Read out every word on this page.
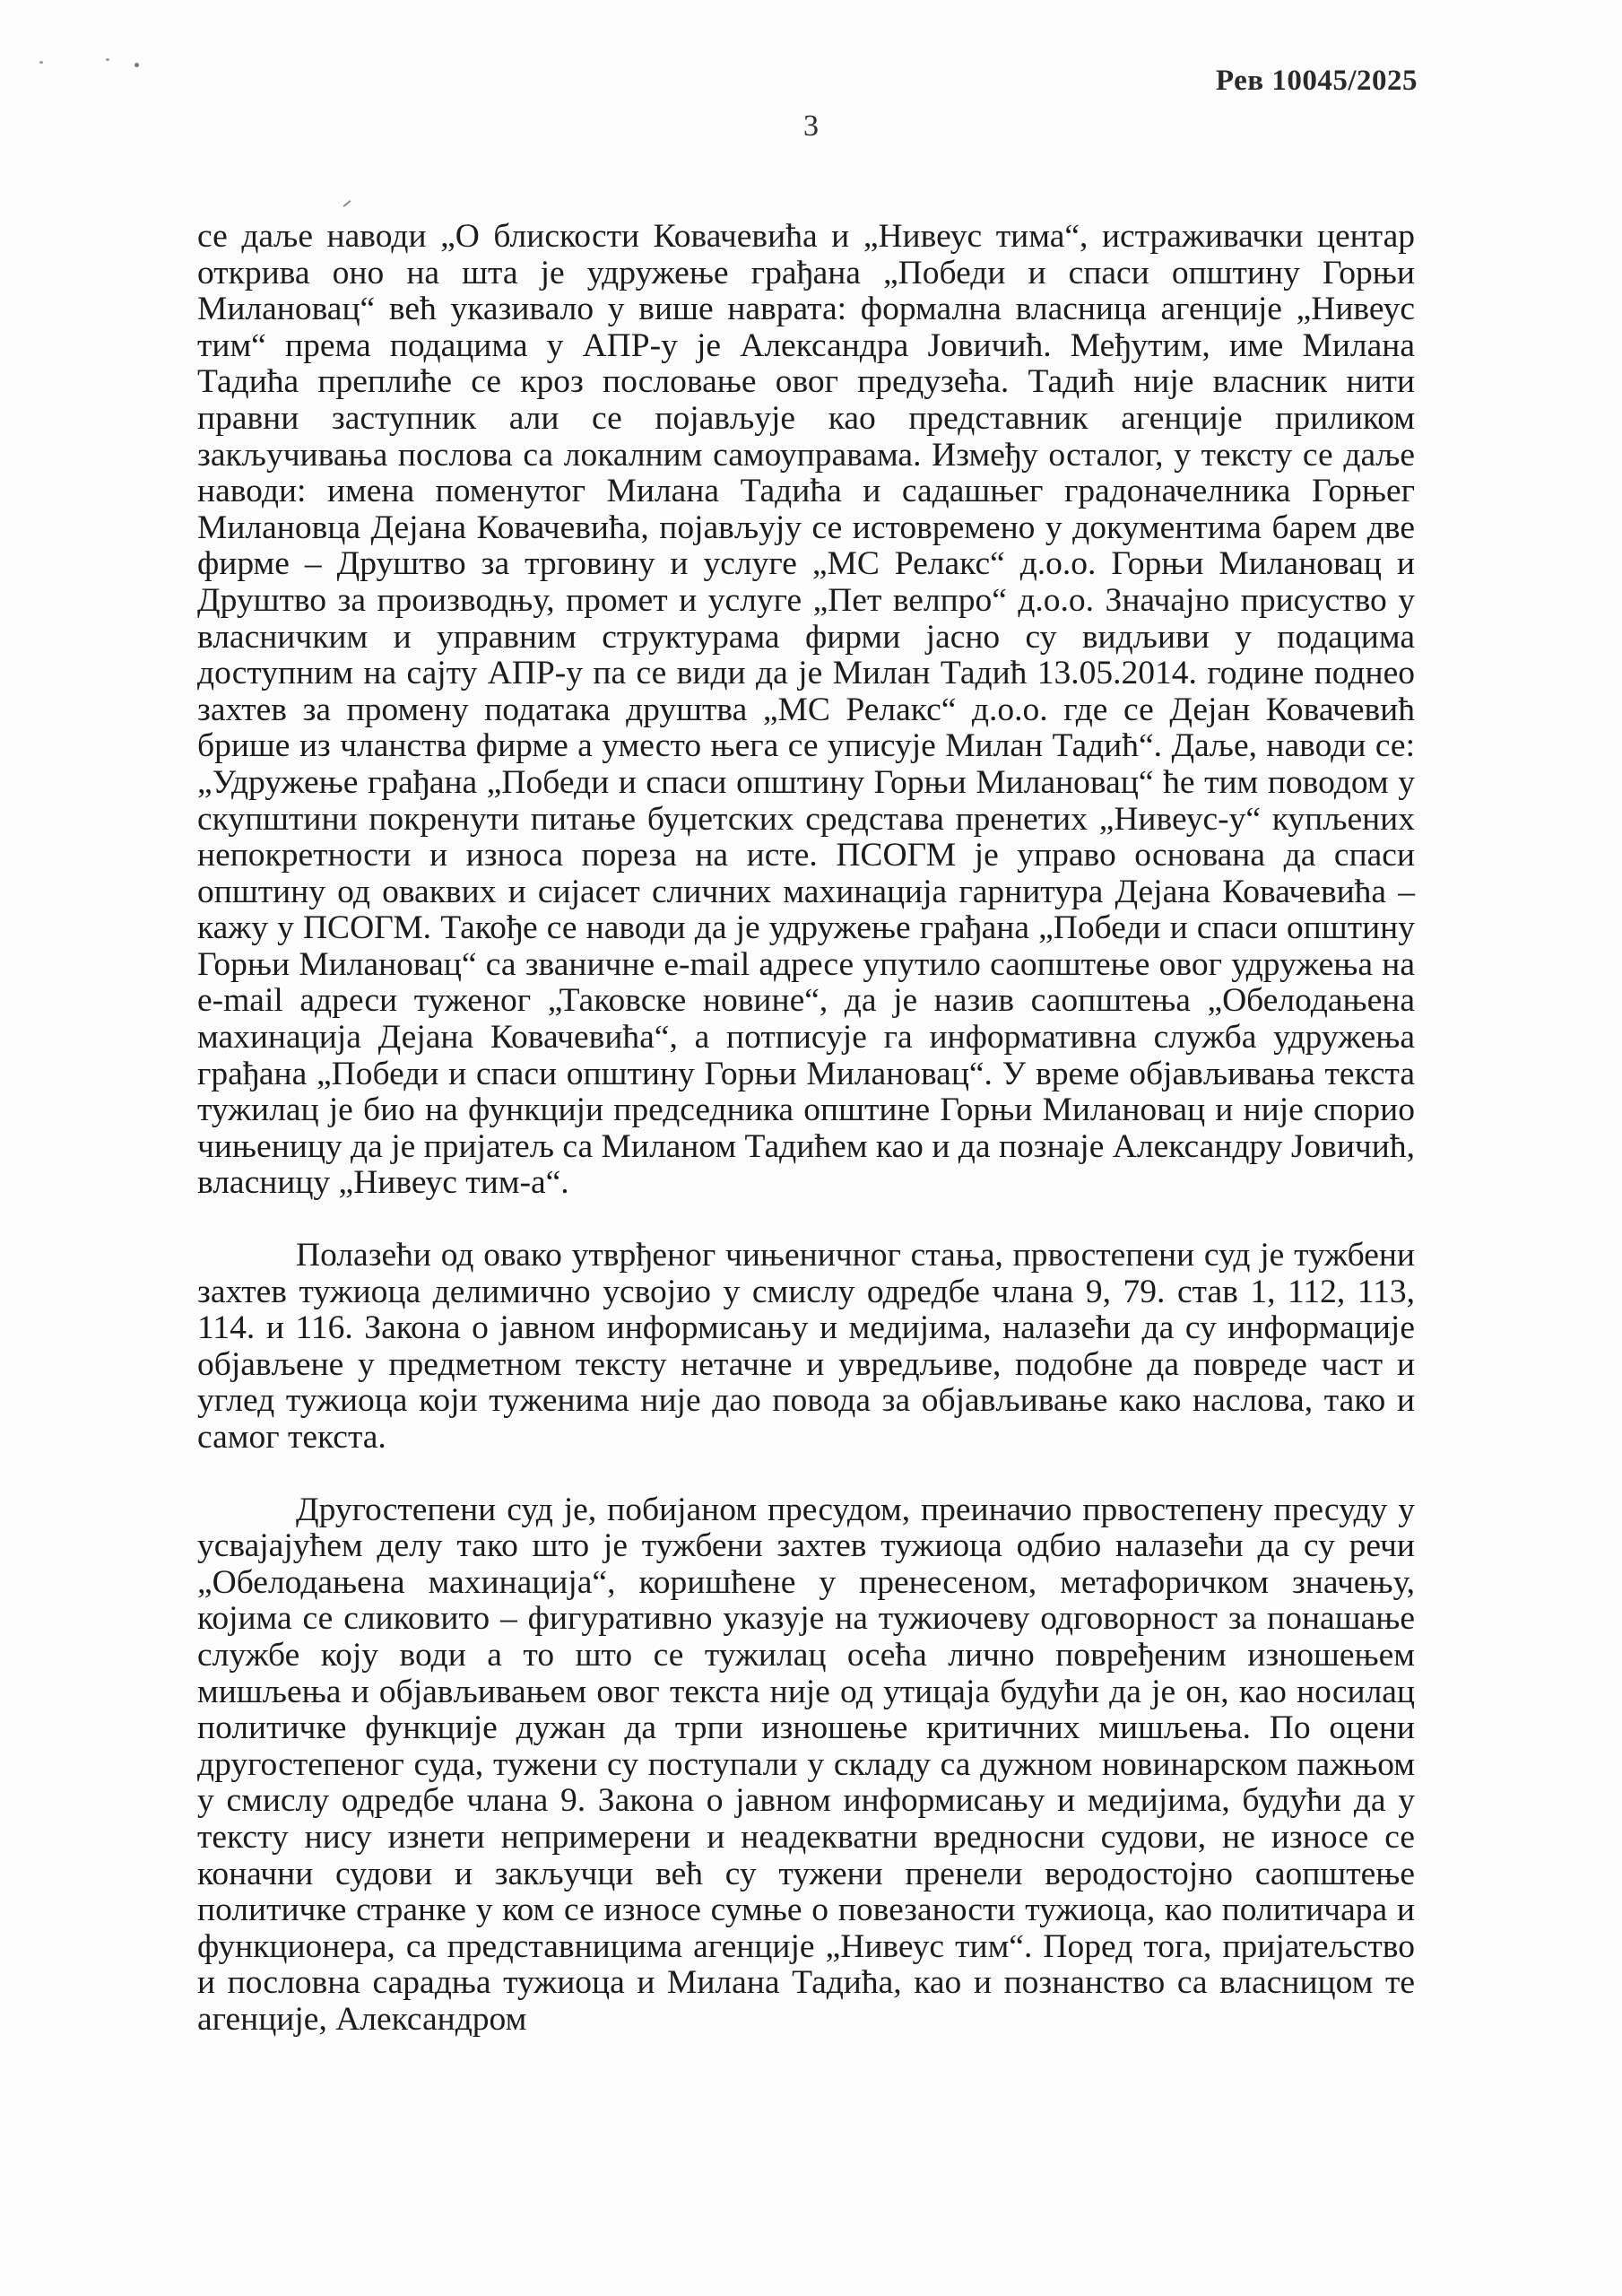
Рев 10045/2025
3

се даље наводи „О блискости Ковачевића и „Нивеус тима“, истраживачки центар открива оно на шта је удружење грађана „Победи и спаси општину Горњи Милановац“ већ указивало у више наврата: формална власница агенције „Нивеус тим“ према подацима у АПР-у је Александра Јовичић. Међутим, име Милана Тадића преплиће се кроз пословање овог предузећа. Тадић није власник нити правни заступник али се појављује као представник агенције приликом закључивања послова са локалним самоуправама. Између осталог, у тексту се даље наводи: имена поменутог Милана Тадића и садашњег градоначелника Горњег Милановца Дејана Ковачевића, појављују се истовремено у документима барем две фирме – Друштво за трговину и услуге „МС Релакс“ д.о.о. Горњи Милановац и Друштво за производњу, промет и услуге „Пет велпро“ д.о.о. Значајно присуство у власничким и управним структурама фирми јасно су видљиви у подацима доступним на сајту АПР-у па се види да је Милан Тадић 13.05.2014. године поднео захтев за промену података друштва „МС Релакс“ д.о.о. где се Дејан Ковачевић брише из чланства фирме а уместо њега се уписује Милан Тадић“. Даље, наводи се: „Удружење грађана „Победи и спаси општину Горњи Милановац“ ће тим поводом у скупштини покренути питање буџетских средстава пренетих „Нивеус-у“ купљених непокретности и износа пореза на исте. ПСОГМ је управо основана да спаси општину од оваквих и сијасет сличних махинација гарнитура Дејана Ковачевића – кажу у ПСОГМ. Такође се наводи да је удружење грађана „Победи и спаси општину Горњи Милановац“ са званичне e-mail адресе упутило саопштење овог удружења на e-mail адреси туженог „Таковске новине“, да је назив саопштења „Обелодањена махинација Дејана Ковачевића“, а потписује га информативна служба удружења грађана „Победи и спаси општину Горњи Милановац“. У време објављивања текста тужилац је био на функцији председника општине Горњи Милановац и није спорио чињеницу да је пријатељ са Миланом Тадићем као и да познаје Александру Јовичић, власницу „Нивеус тим-а“.

Полазећи од овако утврђеног чињеничног стања, првостепени суд је тужбени захтев тужиоца делимично усвојио у смислу одредбе члана 9, 79. став 1, 112, 113, 114. и 116. Закона о јавном информисању и медијима, налазећи да су информације објављене у предметном тексту нетачне и увредљиве, подобне да повреде част и углед тужиоца који туженима није дао повода за објављивање како наслова, тако и самог текста.

Другостепени суд је, побијаном пресудом, преиначио првостепену пресуду у усвајајућем делу тако што је тужбени захтев тужиоца одбио налазећи да су речи „Обелодањена махинација“, коришћене у пренесеном, метафоричком значењу, којима се сликовито – фигуративно указује на тужиочеву одговорност за понашање службе коју води а то што се тужилац осећа лично повређеним изношењем мишљења и објављивањем овог текста није од утицаја будући да је он, као носилац политичке функције дужан да трпи изношење критичних мишљења. По оцени другостепеног суда, тужени су поступали у складу са дужном новинарском пажњом у смислу одредбе члана 9. Закона о јавном информисању и медијима, будући да у тексту нису изнети непримерени и неадекватни вредносни судови, не износе се коначни судови и закључци већ су тужени пренели веродостојно саопштење политичке странке у ком се износе сумње о повезаности тужиоца, као политичара и функционера, са представницима агенције „Нивеус тим“. Поред тога, пријатељство и пословна сарадња тужиоца и Милана Тадића, као и познанство са власницом те агенције, Александром
